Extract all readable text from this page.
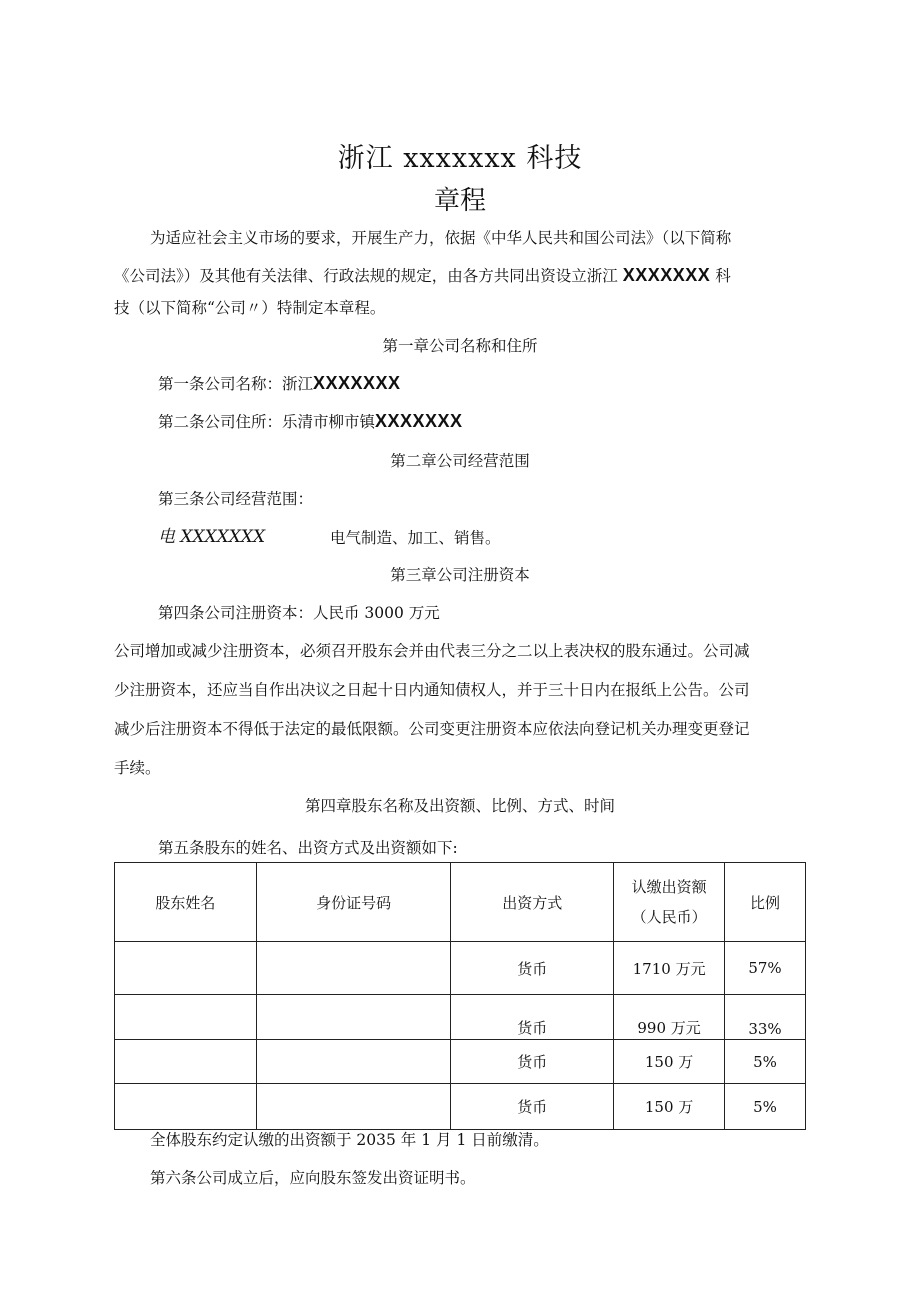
浙江 xxxxxxx 科技
章程
为适应社会主义市场的要求，开展生产力，依据《中华人民共和国公司法》（以下简称
《公司法》）及其他有关法律、行政法规的规定，由各方共同出资设立浙江 XXXXXXX 科
技（以下简称“公司〃）特制定本章程。
第一章公司名称和住所
第一条公司名称：浙江XXXXXXX
第二条公司住所：乐清市柳市镇XXXXXXX
第二章公司经营范围
第三条公司经营范围：
电 XXXXXXX	电气制造、加工、销售。
第三章公司注册资本
第四条公司注册资本：人民币 3000 万元
公司增加或减少注册资本，必须召开股东会并由代表三分之二以上表决权的股东通过。公司减
少注册资本，还应当自作出决议之日起十日内通知债权人，并于三十日内在报纸上公告。公司
减少后注册资本不得低于法定的最低限额。公司变更注册资本应依法向登记机关办理变更登记
手续。
第四章股东名称及出资额、比例、方式、时间
第五条股东的姓名、出资方式及出资额如下:
股东姓名	身份证号码	出资方式	认缴出资额
（人民币）	比例
		货币	1710 万元	57%
		货币	990 万元	33%
		货币	150 万	5%
		货币	150 万	5%
全体股东约定认缴的出资额于 2035 年 1 月 1 日前缴清。
第六条公司成立后，应向股东签发出资证明书。
